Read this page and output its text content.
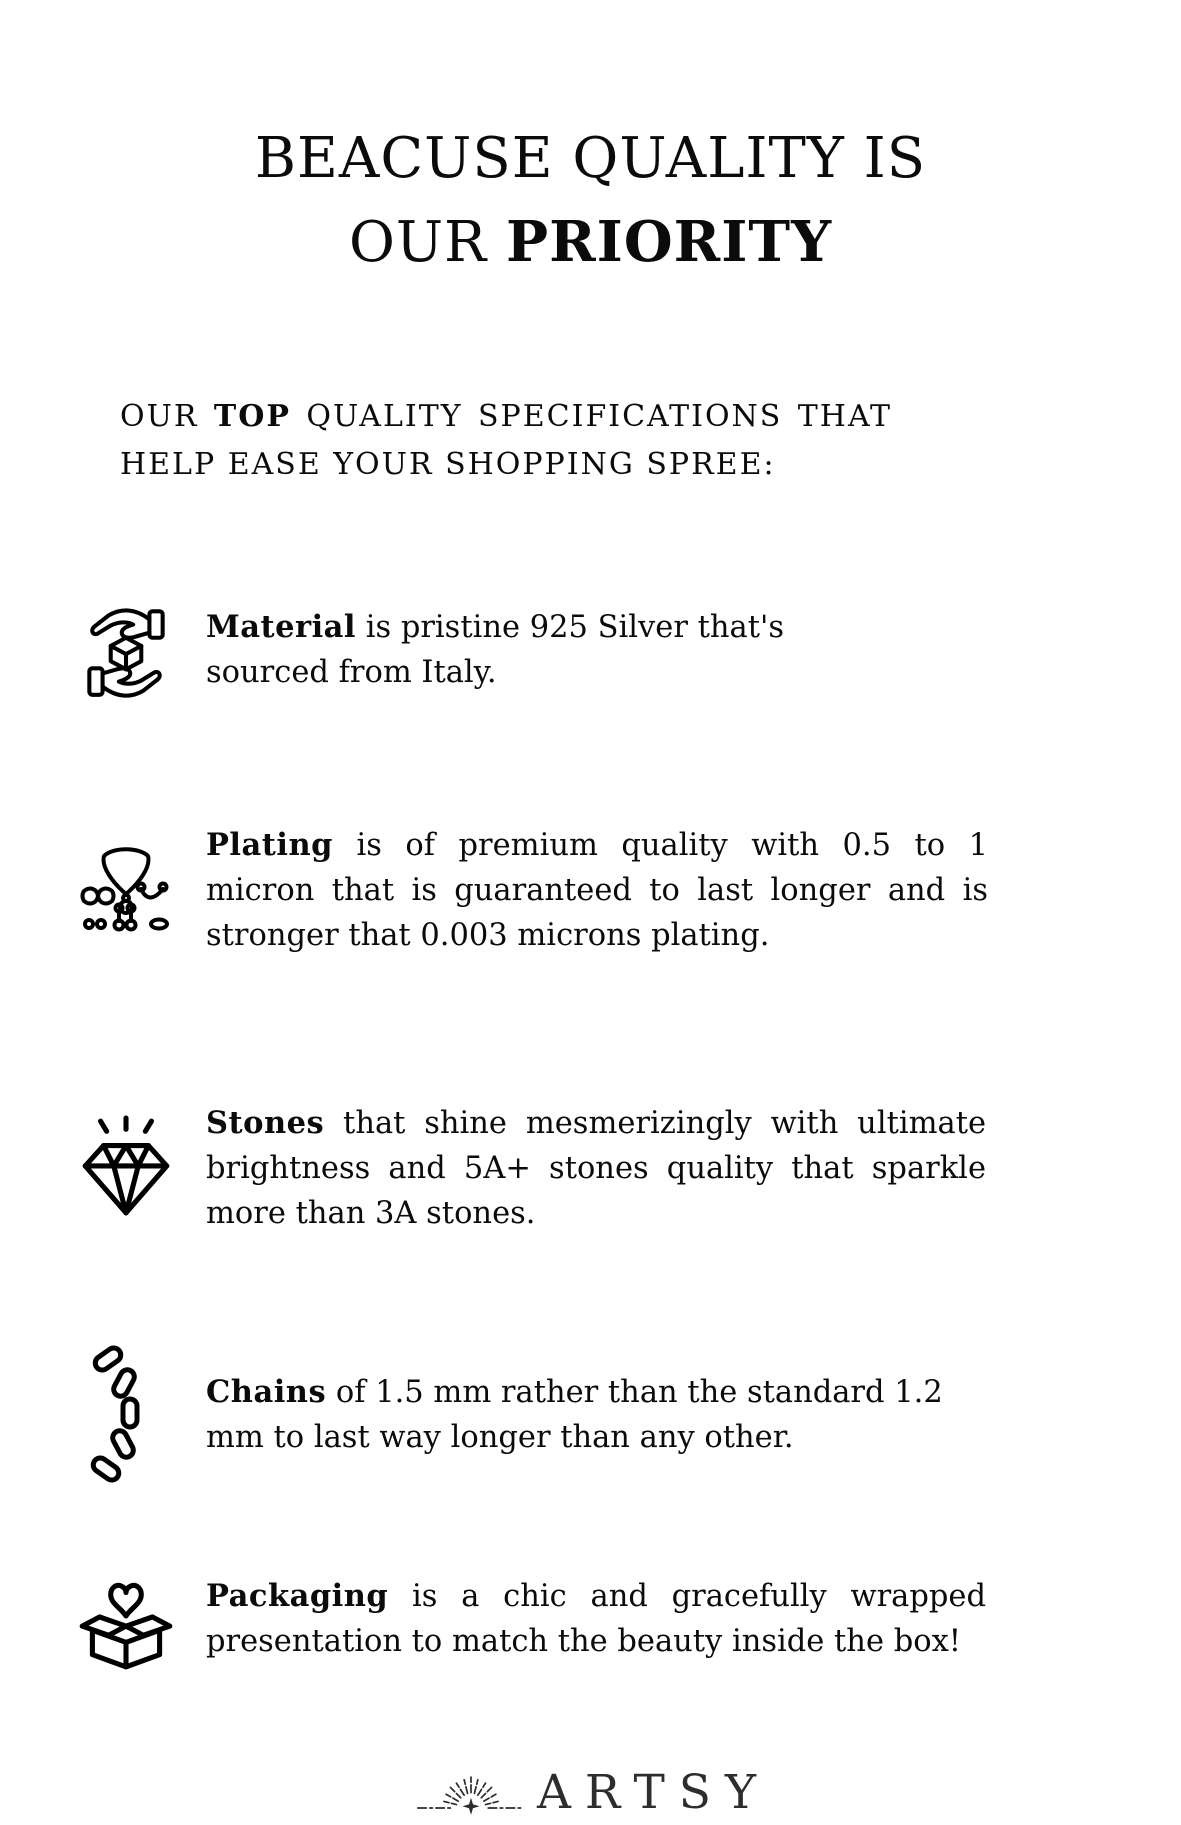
BEACUSE QUALITY IS
OUR PRIORITY

OUR TOP QUALITY SPECIFICATIONS THAT HELP EASE YOUR SHOPPING SPREE:

Material is pristine 925 Silver that's sourced from Italy.

Plating is of premium quality with 0.5 to 1 micron that is guaranteed to last longer and is stronger that 0.003 microns plating.

Stones that shine mesmerizingly with ultimate brightness and 5A+ stones quality that sparkle more than 3A stones.

Chains of 1.5 mm rather than the standard 1.2 mm to last way longer than any other.

Packaging is a chic and gracefully wrapped presentation to match the beauty inside the box!

ARTSY
